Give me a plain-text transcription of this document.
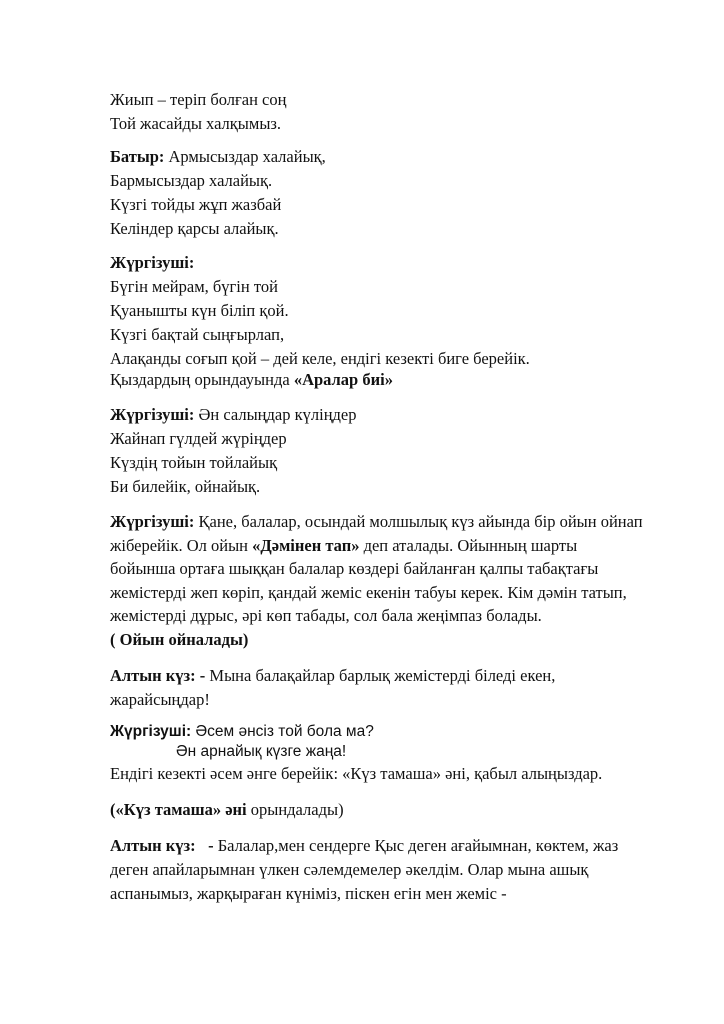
Жиып – теріп болған соң
Той жасайды халқымыз.
Батыр: Армысыздар халайық,
Бармысыздар халайық.
Күзгі тойды жұп жазбай
Келіндер қарсы алайық.
Жүргізуші:
Бүгін мейрам, бүгін той
Қуанышты күн біліп қой.
Күзгі бақтай сыңғырлап,
Алақанды соғып қой – дей келе, ендігі кезекті биге берейік.
Қыздардың орындауында «Аралар биі»
Жүргізуші: Ән салыңдар күліңдер
Жайнап гүлдей жүріңдер
Күздің тойын тойлайық
Би билейік, ойнайық.
Жүргізуші: Қане, балалар, осындай молшылық күз айында бір ойын ойнап жіберейік. Ол ойын «Дәмінен тап» деп аталады. Ойынның шарты бойынша ортаға шыққан балалар көздері байланған қалпы табақтағы жемістерді жеп көріп, қандай жеміс екенін табуы керек. Кім дәмін татып, жемістерді дұрыс, әрі көп табады, сол бала жеңімпаз болады.
( Ойын ойналады)
Алтын күз: - Мына балақайлар барлық жемістерді біледі екен, жарайсыңдар!
Жүргізуші: Әсем әнсіз той бола ма?
Ән арнайық күзге жаңа!
Ендігі кезекті әсем әнге берейік: «Күз тамаша» әні, қабыл алыңыздар.
(«Күз тамаша» әні орындалады)
Алтын күз:   - Балалар,мен сендерге Қыс деген ағайымнан, көктем, жаз деген апайларымнан үлкен сәлемдемелер әкелдім. Олар мына ашық аспанымыз, жарқыраған күніміз, піскен егін мен жеміс -
